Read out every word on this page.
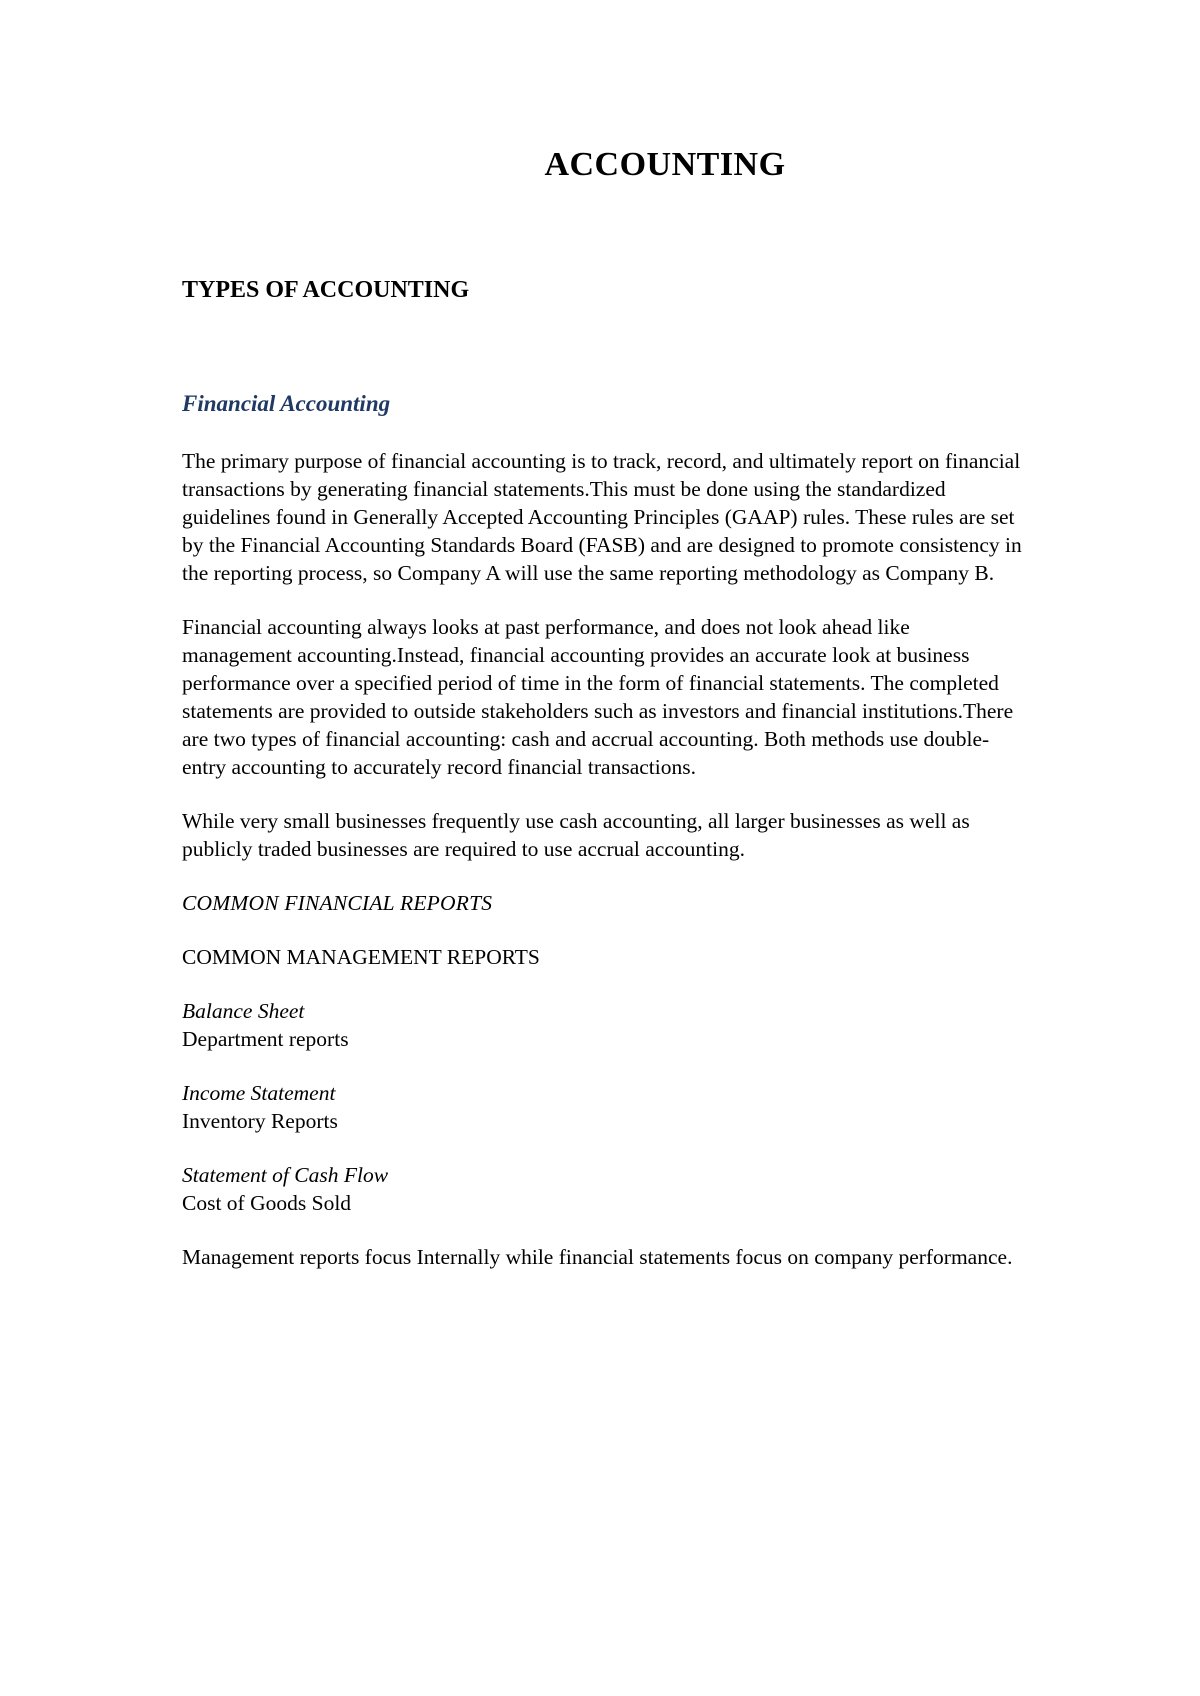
ACCOUNTING
TYPES OF ACCOUNTING
Financial Accounting

The primary purpose of financial accounting is to track, record, and ultimately report on financial transactions by generating financial statements.This must be done using the standardized guidelines found in Generally Accepted Accounting Principles (GAAP) rules. These rules are set by the Financial Accounting Standards Board (FASB) and are designed to promote consistency in the reporting process, so Company A will use the same reporting methodology as Company B.

Financial accounting always looks at past performance, and does not look ahead like management accounting.Instead, financial accounting provides an accurate look at business performance over a specified period of time in the form of financial statements. The completed statements are provided to outside stakeholders such as investors and financial institutions.There are two types of financial accounting: cash and accrual accounting. Both methods use double-entry accounting to accurately record financial transactions.

While very small businesses frequently use cash accounting, all larger businesses as well as publicly traded businesses are required to use accrual accounting.

COMMON FINANCIAL REPORTS

COMMON MANAGEMENT REPORTS

Balance Sheet

Department reports

Income Statement

Inventory Reports

Statement of Cash Flow

Cost of Goods Sold

Management reports focus Internally while financial statements focus on company performance.
